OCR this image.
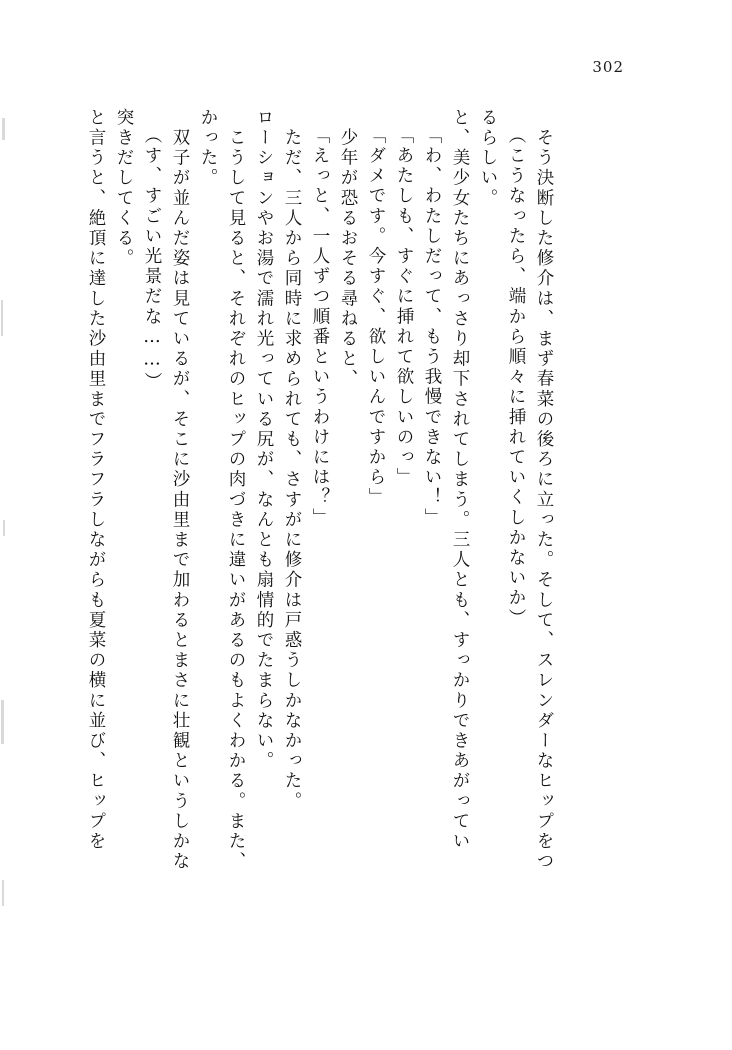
302
と言うと、絶頂に達した沙由里までフラフラしながらも夏菜の横に並び、ヒップを 突きだしてくる。 （す、すごい光景だな……） 　双子が並んだ姿は見ているが、そこに沙由里まで加わるとまさに壮観というしかな かった。 　こうして見ると、それぞれのヒップの肉づきに違いがあるのもよくわかる。また、 ローションやお湯で濡れ光っている尻が、なんとも扇情的でたまらない。 　ただ、三人から同時に求められても、さすがに修介は戸惑うしかなかった。 「えっと、一人ずつ順番というわけには？」 　少年が恐るおそる尋ねると、 「ダメです。今すぐ、欲しいんですから」 「あたしも、すぐに挿れて欲しいのっ」 「わ、わたしだって、もう我慢できない！」 と、美少女たちにあっさり却下されてしまう。三人とも、すっかりできあがってい るらしい。 （こうなったら、端から順々に挿れていくしかないか） 　そう決断した修介は、まず春菜の後ろに立った。そして、スレンダーなヒップをつ
